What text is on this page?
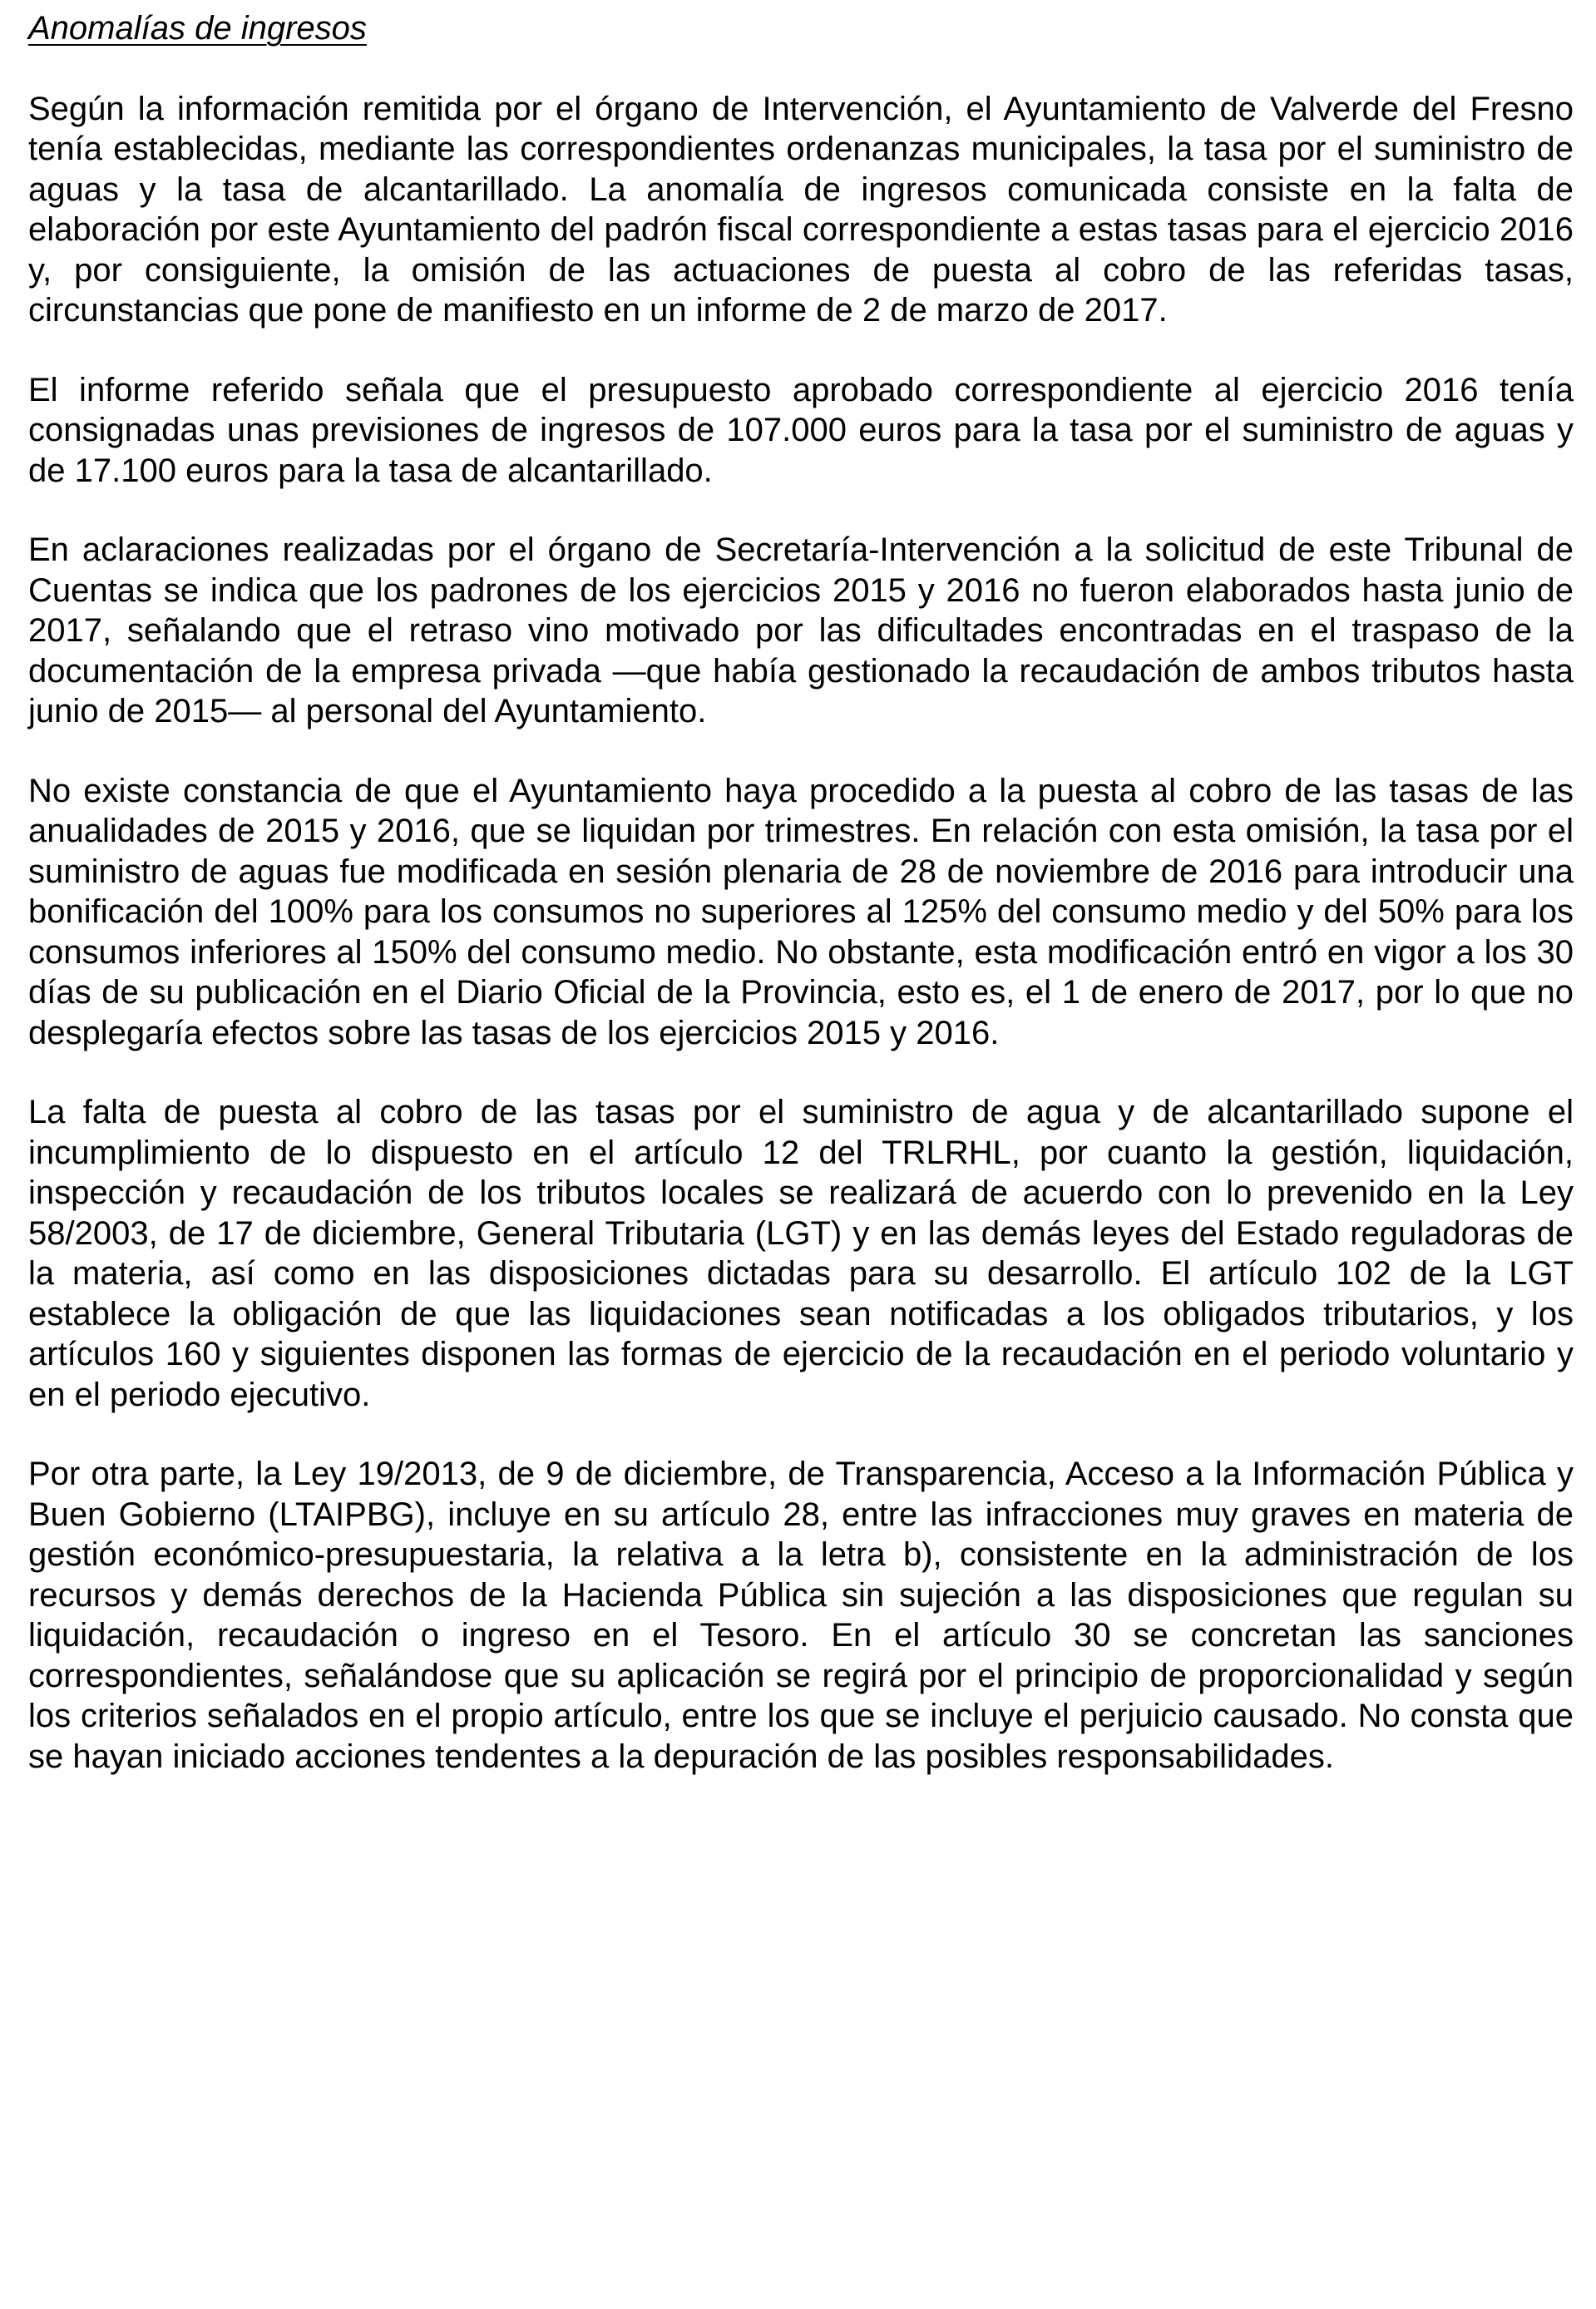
Anomalías de ingresos

Según la información remitida por el órgano de Intervención, el Ayuntamiento de Valverde del Fresno tenía establecidas, mediante las correspondientes ordenanzas municipales, la tasa por el suministro de aguas y la tasa de alcantarillado. La anomalía de ingresos comunicada consiste en la falta de elaboración por este Ayuntamiento del padrón fiscal correspondiente a estas tasas para el ejercicio 2016 y, por consiguiente, la omisión de las actuaciones de puesta al cobro de las referidas tasas, circunstancias que pone de manifiesto en un informe de 2 de marzo de 2017.

El informe referido señala que el presupuesto aprobado correspondiente al ejercicio 2016 tenía consignadas unas previsiones de ingresos de 107.000 euros para la tasa por el suministro de aguas y de 17.100 euros para la tasa de alcantarillado.

En aclaraciones realizadas por el órgano de Secretaría-Intervención a la solicitud de este Tribunal de Cuentas se indica que los padrones de los ejercicios 2015 y 2016 no fueron elaborados hasta junio de 2017, señalando que el retraso vino motivado por las dificultades encontradas en el traspaso de la documentación de la empresa privada —que había gestionado la recaudación de ambos tributos hasta junio de 2015— al personal del Ayuntamiento.

No existe constancia de que el Ayuntamiento haya procedido a la puesta al cobro de las tasas de las anualidades de 2015 y 2016, que se liquidan por trimestres. En relación con esta omisión, la tasa por el suministro de aguas fue modificada en sesión plenaria de 28 de noviembre de 2016 para introducir una bonificación del 100% para los consumos no superiores al 125% del consumo medio y del 50% para los consumos inferiores al 150% del consumo medio. No obstante, esta modificación entró en vigor a los 30 días de su publicación en el Diario Oficial de la Provincia, esto es, el 1 de enero de 2017, por lo que no desplegaría efectos sobre las tasas de los ejercicios 2015 y 2016.

La falta de puesta al cobro de las tasas por el suministro de agua y de alcantarillado supone el incumplimiento de lo dispuesto en el artículo 12 del TRLRHL, por cuanto la gestión, liquidación, inspección y recaudación de los tributos locales se realizará de acuerdo con lo prevenido en la Ley 58/2003, de 17 de diciembre, General Tributaria (LGT) y en las demás leyes del Estado reguladoras de la materia, así como en las disposiciones dictadas para su desarrollo. El artículo 102 de la LGT establece la obligación de que las liquidaciones sean notificadas a los obligados tributarios, y los artículos 160 y siguientes disponen las formas de ejercicio de la recaudación en el periodo voluntario y en el periodo ejecutivo.

Por otra parte, la Ley 19/2013, de 9 de diciembre, de Transparencia, Acceso a la Información Pública y Buen Gobierno (LTAIPBG), incluye en su artículo 28, entre las infracciones muy graves en materia de gestión económico-presupuestaria, la relativa a la letra b), consistente en la administración de los recursos y demás derechos de la Hacienda Pública sin sujeción a las disposiciones que regulan su liquidación, recaudación o ingreso en el Tesoro. En el artículo 30 se concretan las sanciones correspondientes, señalándose que su aplicación se regirá por el principio de proporcionalidad y según los criterios señalados en el propio artículo, entre los que se incluye el perjuicio causado. No consta que se hayan iniciado acciones tendentes a la depuración de las posibles responsabilidades.
